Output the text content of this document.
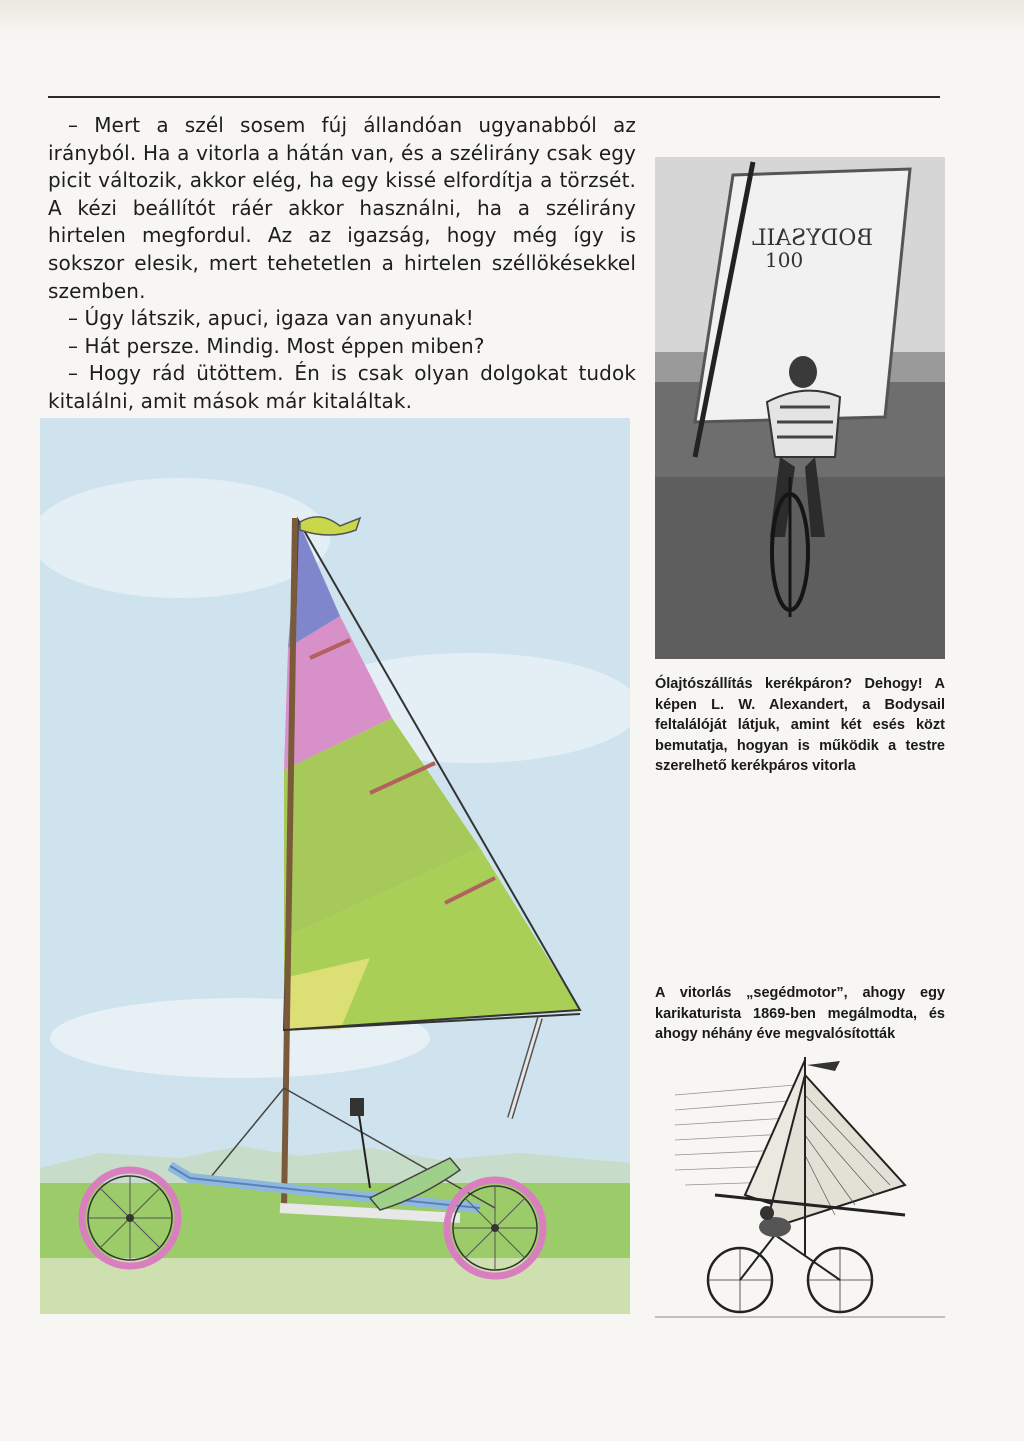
– Mert a szél sosem fúj állandóan ugyanabból az irányból. Ha a vitorla a hátán van, és a szélirány csak egy picit változik, akkor elég, ha egy kissé elfordítja a törzsét. A kézi beállítót ráér akkor használni, ha a szélirány hirtelen megfordul. Az az igazság, hogy még így is sokszor elesik, mert tehetetlen a hirtelen széllökésekkel szemben.

– Úgy látszik, apuci, igaza van anyunak!

– Hát persze. Mindig. Most éppen miben?

– Hogy rád ütöttem. Én is csak olyan dolgokat tudok kitalálni, amit mások már kitaláltak.

BODYSAIL
100
Ólajtószállítás kerékpáron? Dehogy! A képen L. W. Alexandert, a Bodysail feltalálóját látjuk, amint két esés közt bemutatja, hogyan is működik a testre szerelhető kerékpáros vitorla
A vitorlás „segédmotor”, ahogy egy karikaturista 1869-ben megálmodta, és ahogy néhány éve megvalósították
